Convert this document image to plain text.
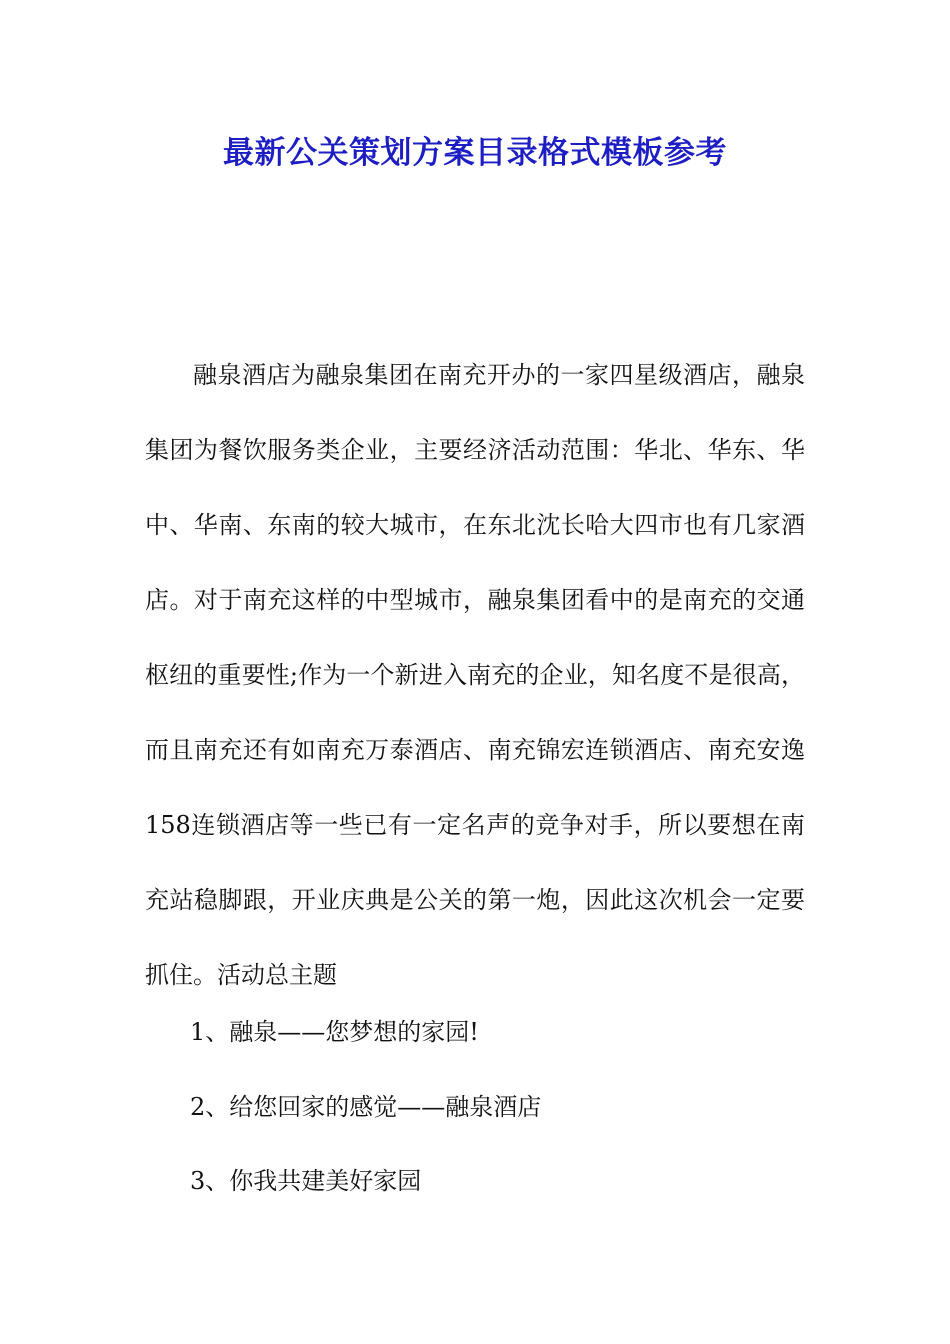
最新公关策划方案目录格式模板参考

融泉酒店为融泉集团在南充开办的一家四星级酒店，融泉集团为餐饮服务类企业，主要经济活动范围：华北、华东、华中、华南、东南的较大城市，在东北沈长哈大四市也有几家酒店。对于南充这样的中型城市，融泉集团看中的是南充的交通枢纽的重要性;作为一个新进入南充的企业，知名度不是很高，而且南充还有如南充万泰酒店、南充锦宏连锁酒店、南充安逸158连锁酒店等一些已有一定名声的竞争对手，所以要想在南充站稳脚跟，开业庆典是公关的第一炮，因此这次机会一定要抓住。活动总主题

1、融泉——您梦想的家园!

2、给您回家的感觉——融泉酒店

3、你我共建美好家园
